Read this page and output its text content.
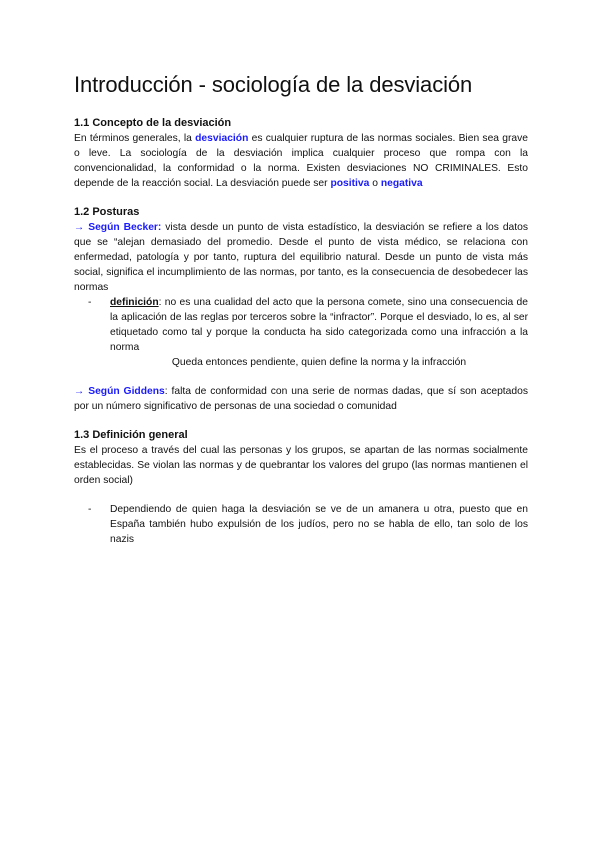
Introducción - sociología de la desviación
1.1 Concepto de la desviación

En términos generales, la desviación es cualquier ruptura de las normas sociales. Bien sea grave o leve. La sociología de la desviación implica cualquier proceso que rompa con la convencionalidad, la conformidad o la norma. Existen desviaciones NO CRIMINALES. Esto depende de la reacción social. La desviación puede ser positiva o negativa

1.2 Posturas

→ Según Becker: vista desde un punto de vista estadístico, la desviación se refiere a los datos que se “alejan demasiado del promedio. Desde el punto de vista médico, se relaciona con enfermedad, patología y por tanto, ruptura del equilibrio natural. Desde un punto de vista más social, significa el incumplimiento de las normas, por tanto, es la consecuencia de desobedecer las normas

- definición: no es una cualidad del acto que la persona comete, sino una consecuencia de la aplicación de las reglas por terceros sobre la “infractor”. Porque el desviado, lo es, al ser etiquetado como tal y porque la conducta ha sido categorizada como una infracción a la norma

Queda entonces pendiente, quien define la norma y la infracción

→ Según Giddens: falta de conformidad con una serie de normas dadas, que sí son aceptados por un número significativo de personas de una sociedad o comunidad

1.3 Definición general

Es el proceso a través del cual las personas y los grupos, se apartan de las normas socialmente establecidas. Se violan las normas y de quebrantar los valores del grupo (las normas mantienen el orden social)

- Dependiendo de quien haga la desviación se ve de un amanera u otra, puesto que en España también hubo expulsión de los judíos, pero no se habla de ello, tan solo de los nazis
